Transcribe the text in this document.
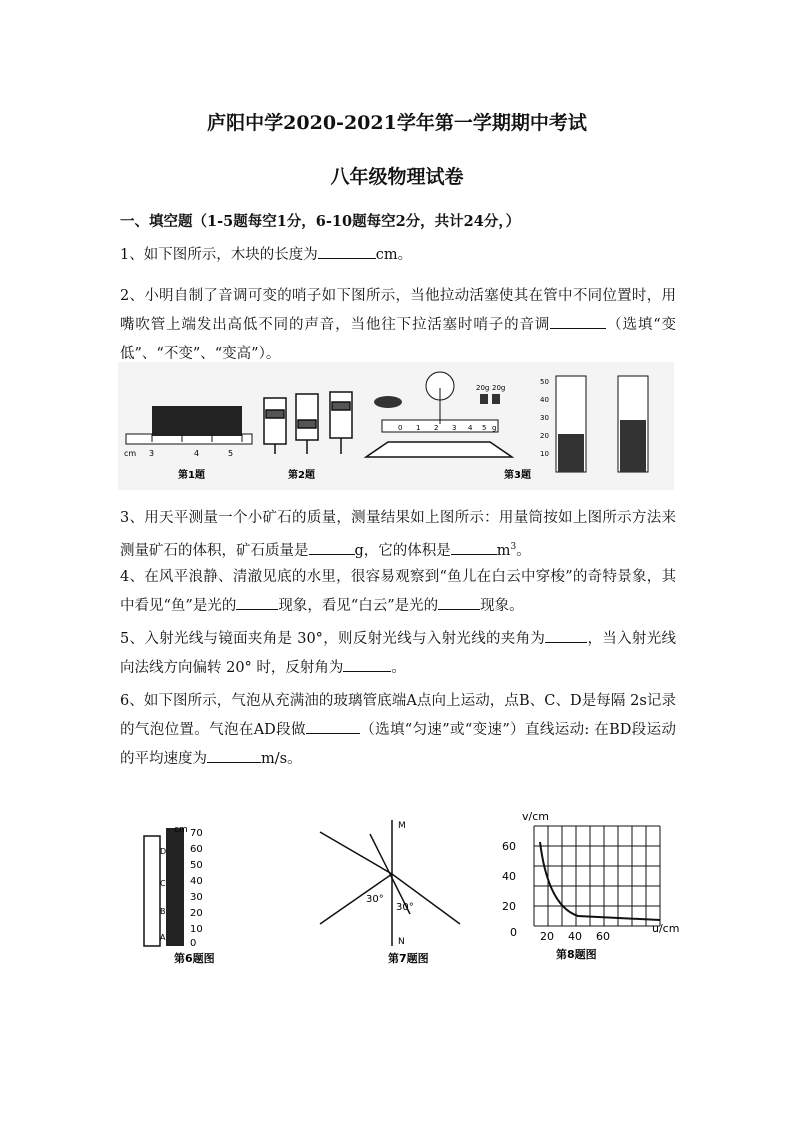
庐阳中学2020-2021学年第一学期期中考试
八年级物理试卷
一、填空题（1-5题每空1分，6-10题每空2分，共计24分，）
1、如下图所示，木块的长度为	cm。
2、小明自制了音调可变的哨子如下图所示，当他拉动活塞使其在管中不同位置时，用嘴吹管上端发出高低不同的声音，当他往下拉活塞时哨子的音调	（选填“变低”、“不变”、“变高”）。
cm 3	4	5
第1题	第2题
20g 20g
0 1 2 3 4 5 g
第3题
50
40
30
20
10
3、用天平测量一个小矿石的质量，测量结果如上图所示：用量筒按如上图所示方法来测量矿石的体积，矿石质量是	g，它的体积是	$m^3$。
4、在风平浪静、清澈见底的水里，很容易观察到“鱼儿在白云中穿梭”的奇特景象，其中看见“鱼”是光的	现象，看见“白云”是光的	现象。
5、入射光线与镜面夹角是 30°，则反射光线与入射光线的夹角为	，当入射光线向法线方向偏转 20° 时，反射角为	。
6、如下图所示，气泡从充满油的玻璃管底端A点向上运动，点B、C、D是每隔 2s记录的气泡位置。气泡在AD段做	（选填“匀速”或“变速”）直线运动: 在BD段运动的平均速度为	m/s。
cm 70
60
50
40
30
20
10
0
D
C
B
A
第6题图
M
N
30°
30°
第7题图
v/cm
u/cm
60
40
20
0 20 40 60
第8题图
